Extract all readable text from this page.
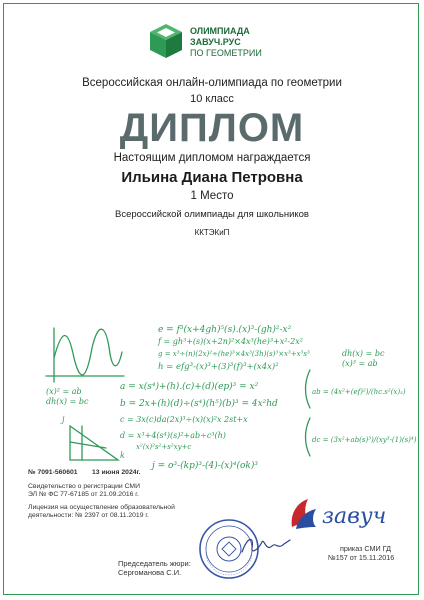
ОЛИМПИАДА
ЗАВУЧ.РУС
ПО ГЕОМЕТРИИ
Всероссийская онлайн-олимпиада по геометрии
10 класс
ДИПЛОМ
Настоящим дипломом награждается
Ильина Диана Петровна
1 Место
Всероссийской олимпиады для школьников
ККТЭКиП
e = f³(x+4gh)⁵(s).(x)³-(gh)²-x²
f = gh³+(s)(x+2n)²×4x³(he)³+x²-2x²
g = x³÷(n)(2x)²÷(he)³×4x³(3h)(s)³×x³+x³s³
h = efg³-(x)³+(3)³(f)³+(x4x)²
a = x(s⁴)+(h).(c)+(d)(ep)³ = x²
b = 2x+(h)(d)÷(s⁴)(h⁵)(b)³ = 4x²hd
c = 3x(c)da(2x)³÷(x)(x)²x 2st+x
d = x³+4(s⁴)(s)²+ab÷c³(h)
x²(x)²s²+s²xy+c
j = o³-(kp)³-(4)-(x)⁴(ok)³
ab = (4x²+(ef)²)/(hc.s²(x)₃)
dc = (3x²+ab(s)³)/(xy³-(1)(s)⁴)
dh(x) = bc
(x)³ = ab
(x)² = ab
dh(x) = bc
j
k
№ 7091-560601 13 июня 2024г.
Свидетельство о регистрации СМИ
ЭЛ № ФС 77-67185 от 21.09.2016 г.
Лицензия на осуществление образовательной
деятельности: № 2397 от 08.11.2019 г.
Председатель жюри:
Сергоманова С.И.
завуч
приказ СМИ ГД
№157 от 15.11.2016
